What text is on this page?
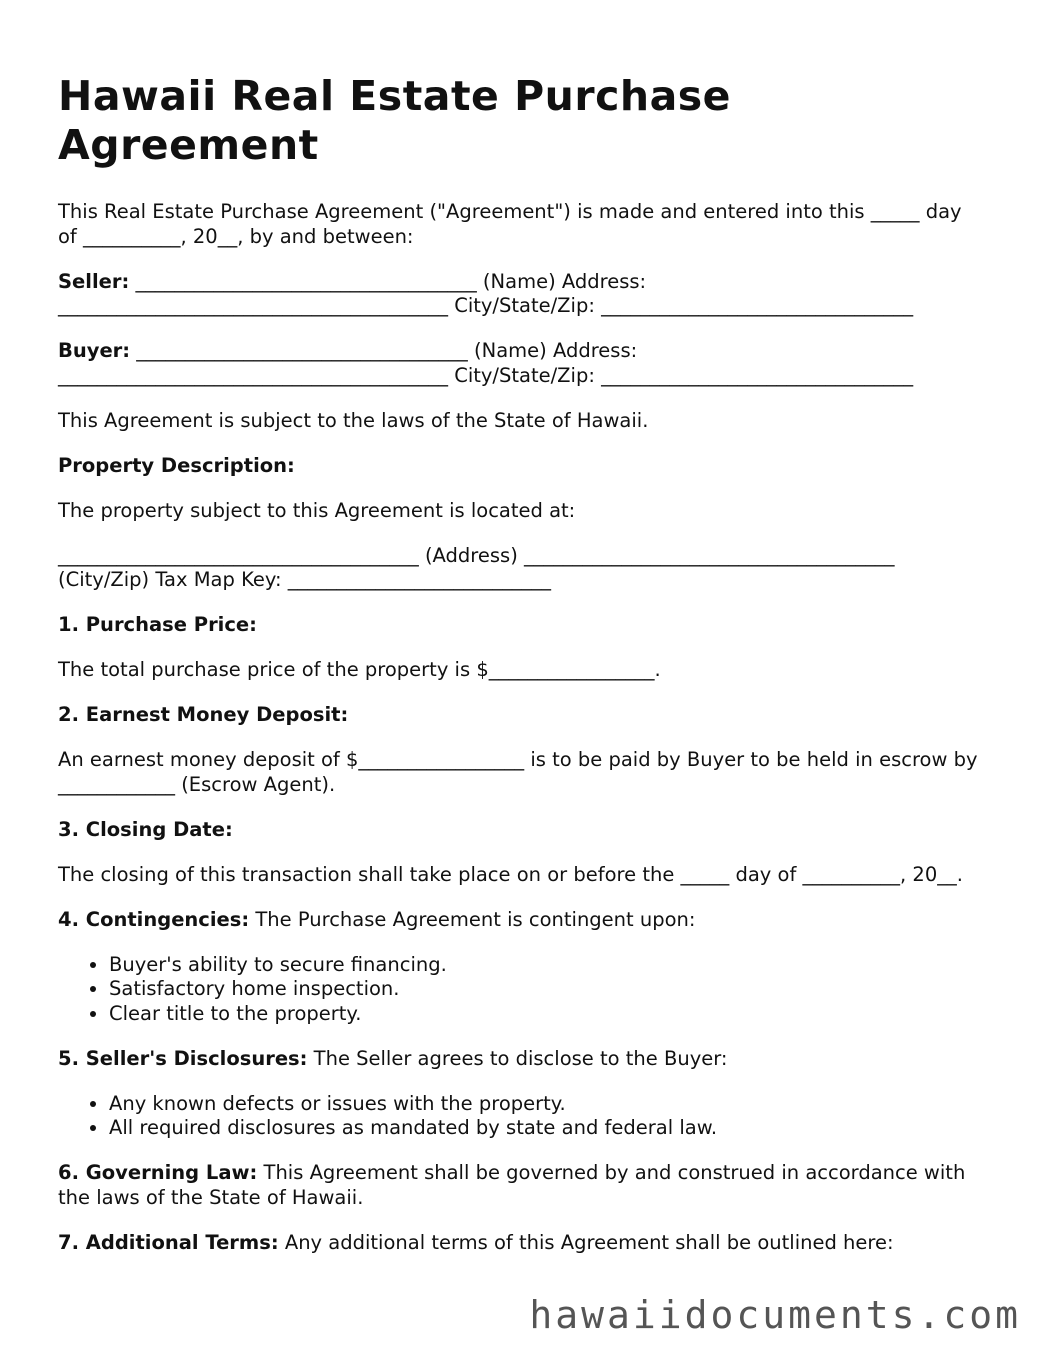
Hawaii Real Estate Purchase Agreement

This Real Estate Purchase Agreement ("Agreement") is made and entered into this _____ day of __________, 20__, by and between:

Seller: ___________________________________ (Name) Address: ________________________________________ City/State/Zip: ________________________________

Buyer: __________________________________ (Name) Address: ________________________________________ City/State/Zip: ________________________________

This Agreement is subject to the laws of the State of Hawaii.

Property Description:

The property subject to this Agreement is located at:

_____________________________________ (Address) ______________________________________ (City/Zip) Tax Map Key: ___________________________

1. Purchase Price:

The total purchase price of the property is $_________________.

2. Earnest Money Deposit:

An earnest money deposit of $_________________ is to be paid by Buyer to be held in escrow by ____________ (Escrow Agent).

3. Closing Date:

The closing of this transaction shall take place on or before the _____ day of __________, 20__.

4. Contingencies: The Purchase Agreement is contingent upon:

• Buyer's ability to secure financing.
• Satisfactory home inspection.
• Clear title to the property.

5. Seller's Disclosures: The Seller agrees to disclose to the Buyer:

• Any known defects or issues with the property.
• All required disclosures as mandated by state and federal law.

6. Governing Law: This Agreement shall be governed by and construed in accordance with the laws of the State of Hawaii.

7. Additional Terms: Any additional terms of this Agreement shall be outlined here:

hawaiidocuments.com
